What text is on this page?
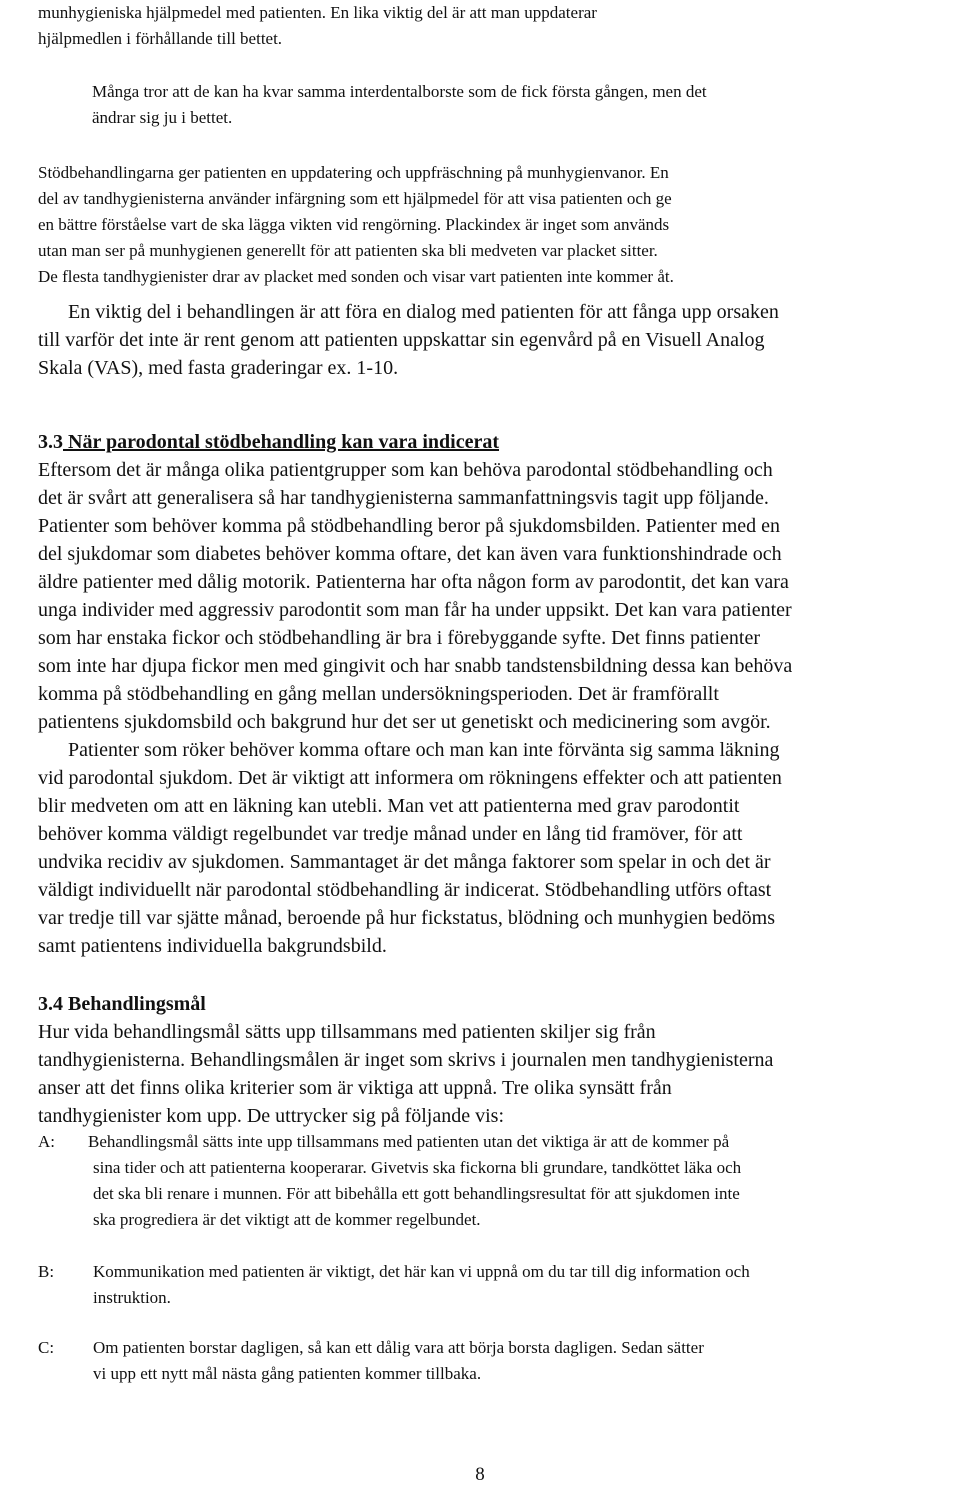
munhygieniska hjälpmedel med patienten. En lika viktig del är att man uppdaterar
hjälpmedlen i förhållande till bettet.
Många tror att de kan ha kvar samma interdentalborste som de fick första gången, men det
ändrar sig ju i bettet.
Stödbehandlingarna ger patienten en uppdatering och uppfräschning på munhygienvanor. En
del av tandhygienisterna använder infärgning som ett hjälpmedel för att visa patienten och ge
en bättre förståelse vart de ska lägga vikten vid rengörning. Plackindex är inget som används
utan man ser på munhygienen generellt för att patienten ska bli medveten var placket sitter.
De flesta tandhygienister drar av placket med sonden och visar vart patienten inte kommer åt.
En viktig del i behandlingen är att föra en dialog med patienten för att fånga upp orsaken
till varför det inte är rent genom att patienten uppskattar sin egenvård på en Visuell Analog
Skala (VAS), med fasta graderingar ex. 1-10.
3.3 När parodontal stödbehandling kan vara indicerat
Eftersom det är många olika patientgrupper som kan behöva parodontal stödbehandling och
det är svårt att generalisera så har tandhygienisterna sammanfattningsvis tagit upp följande.
Patienter som behöver komma på stödbehandling beror på sjukdomsbilden. Patienter med en
del sjukdomar som diabetes behöver komma oftare, det kan även vara funktionshindrade och
äldre patienter med dålig motorik. Patienterna har ofta någon form av parodontit, det kan vara
unga individer med aggressiv parodontit som man får ha under uppsikt. Det kan vara patienter
som har enstaka fickor och stödbehandling är bra i förebyggande syfte. Det finns patienter
som inte har djupa fickor men med gingivit och har snabb tandstensbildning dessa kan behöva
komma på stödbehandling en gång mellan undersökningsperioden. Det är framförallt
patientens sjukdomsbild och bakgrund hur det ser ut genetiskt och medicinering som avgör.
Patienter som röker behöver komma oftare och man kan inte förvänta sig samma läkning
vid parodontal sjukdom. Det är viktigt att informera om rökningens effekter och att patienten
blir medveten om att en läkning kan utebli. Man vet att patienterna med grav parodontit
behöver komma väldigt regelbundet var tredje månad under en lång tid framöver, för att
undvika recidiv av sjukdomen. Sammantaget är det många faktorer som spelar in och det är
väldigt individuellt när parodontal stödbehandling är indicerat. Stödbehandling utförs oftast
var tredje till var sjätte månad, beroende på hur fickstatus, blödning och munhygien bedöms
samt patientens individuella bakgrundsbild.
3.4 Behandlingsmål
Hur vida behandlingsmål sätts upp tillsammans med patienten skiljer sig från
tandhygienisterna. Behandlingsmålen är inget som skrivs i journalen men tandhygienisterna
anser att det finns olika kriterier som är viktiga att uppnå. Tre olika synsätt från
tandhygienister kom upp. De uttrycker sig på följande vis:
A: Behandlingsmål sätts inte upp tillsammans med patienten utan det viktiga är att de kommer på
sina tider och att patienterna kooperarar. Givetvis ska fickorna bli grundare, tandköttet läka och
det ska bli renare i munnen. För att bibehålla ett gott behandlingsresultat för att sjukdomen inte
ska progrediera är det viktigt att de kommer regelbundet.
B: Kommunikation med patienten är viktigt, det här kan vi uppnå om du tar till dig information och
instruktion.
C: Om patienten borstar dagligen, så kan ett dålig vara att börja borsta dagligen. Sedan sätter
vi upp ett nytt mål nästa gång patienten kommer tillbaka.
8
